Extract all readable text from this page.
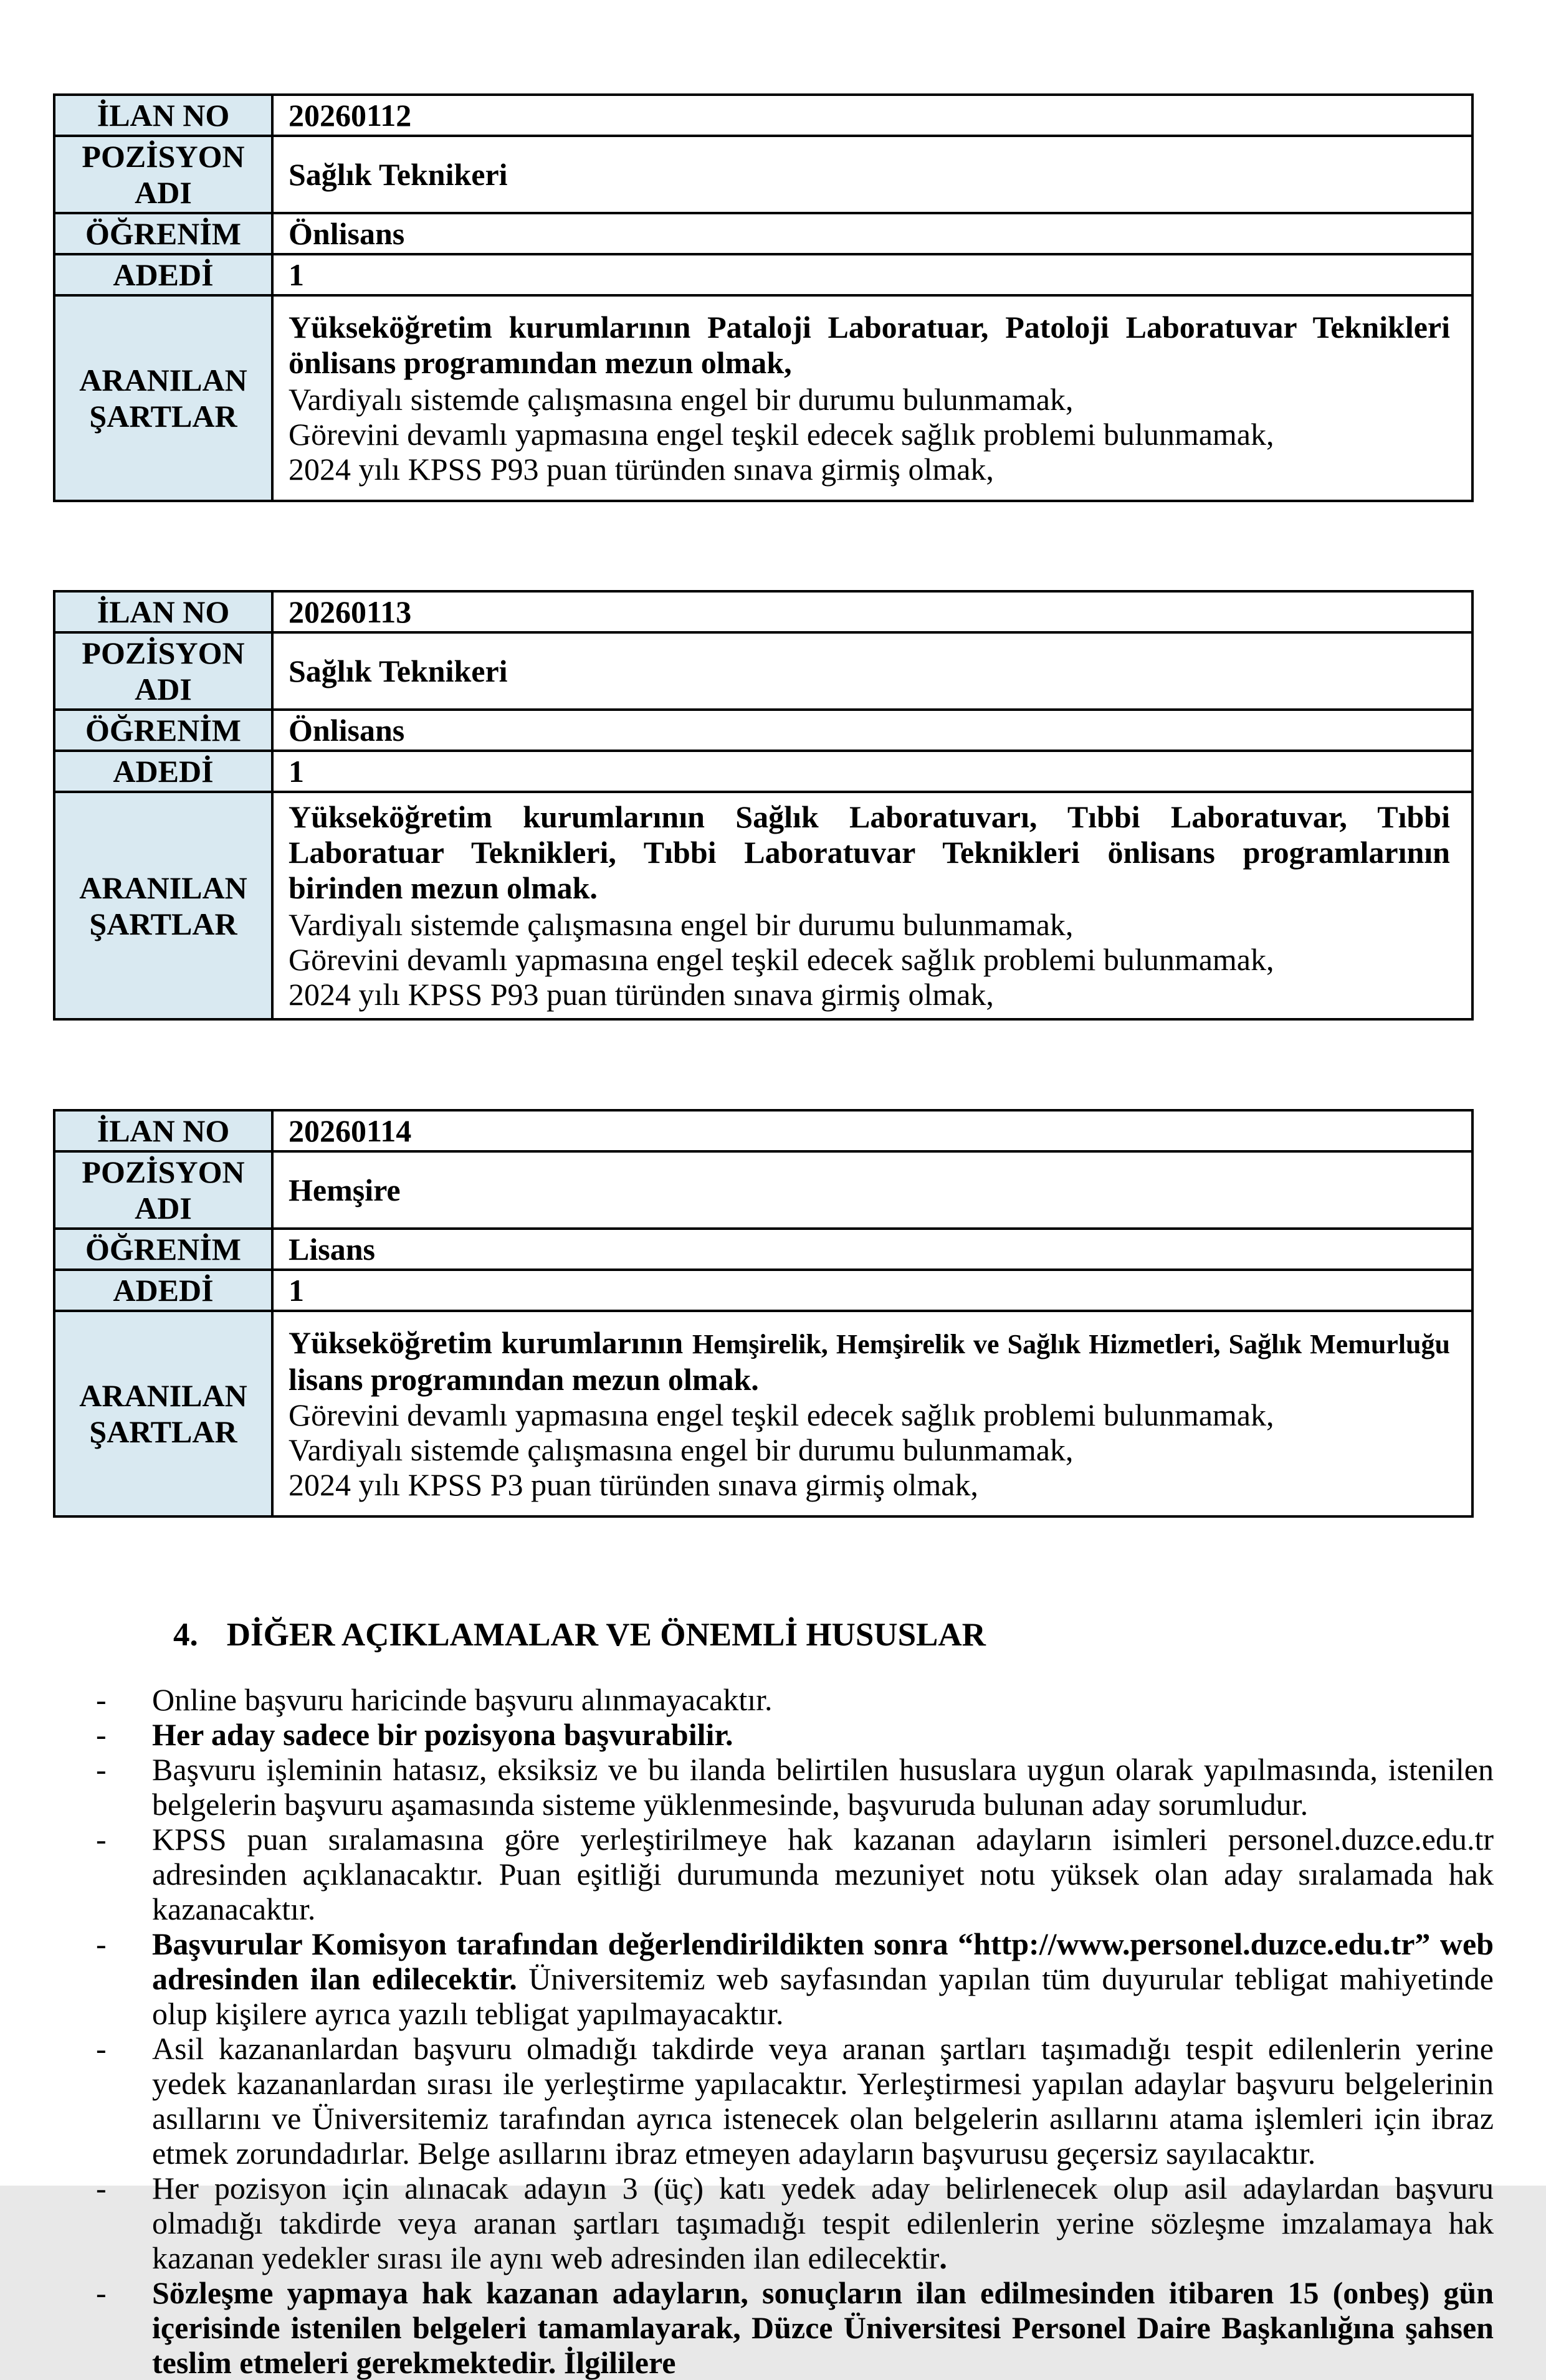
İLAN NO	20260112
POZİSYON ADI	Sağlık Teknikeri
ÖĞRENİM	Önlisans
ADEDİ	1
ARANILAN ŞARTLAR	Yükseköğretim kurumlarının Pataloji Laboratuar, Patoloji Laboratuvar Teknikleri önlisans programından mezun olmak,

Vardiyalı sistemde çalışmasına engel bir durumu bulunmamak,

Görevini devamlı yapmasına engel teşkil edecek sağlık problemi bulunmamak,

2024 yılı KPSS P93 puan türünden sınava girmiş olmak,

İLAN NO	20260113
POZİSYON ADI	Sağlık Teknikeri
ÖĞRENİM	Önlisans
ADEDİ	1
ARANILAN ŞARTLAR	Yükseköğretim kurumlarının Sağlık Laboratuvarı, Tıbbi Laboratuvar, Tıbbi Laboratuar Teknikleri, Tıbbi Laboratuvar Teknikleri önlisans programlarının birinden mezun olmak.

Vardiyalı sistemde çalışmasına engel bir durumu bulunmamak,

Görevini devamlı yapmasına engel teşkil edecek sağlık problemi bulunmamak,

2024 yılı KPSS P93 puan türünden sınava girmiş olmak,

İLAN NO	20260114
POZİSYON ADI	Hemşire
ÖĞRENİM	Lisans
ADEDİ	1
ARANILAN ŞARTLAR	Yükseköğretim kurumlarının Hemşirelik, Hemşirelik ve Sağlık Hizmetleri, Sağlık Memurluğu lisans programından mezun olmak.

Görevini devamlı yapmasına engel teşkil edecek sağlık problemi bulunmamak,

Vardiyalı sistemde çalışmasına engel bir durumu bulunmamak,

2024 yılı KPSS P3 puan türünden sınava girmiş olmak,

4. DİĞER AÇIKLAMALAR VE ÖNEMLİ HUSUSLAR
-	Online başvuru haricinde başvuru alınmayacaktır.

-	Her aday sadece bir pozisyona başvurabilir.

-	Başvuru işleminin hatasız, eksiksiz ve bu ilanda belirtilen hususlara uygun olarak yapılmasında, istenilen belgelerin başvuru aşamasında sisteme yüklenmesinde, başvuruda bulunan aday sorumludur.

-	KPSS puan sıralamasına göre yerleştirilmeye hak kazanan adayların isimleri personel.duzce.edu.tr adresinden açıklanacaktır. Puan eşitliği durumunda mezuniyet notu yüksek olan aday sıralamada hak kazanacaktır.

-	Başvurular Komisyon tarafından değerlendirildikten sonra “http://www.personel.duzce.edu.tr” web adresinden ilan edilecektir. Üniversitemiz web sayfasından yapılan tüm duyurular tebligat mahiyetinde olup kişilere ayrıca yazılı tebligat yapılmayacaktır.

-	Asil kazananlardan başvuru olmadığı takdirde veya aranan şartları taşımadığı tespit edilenlerin yerine yedek kazananlardan sırası ile yerleştirme yapılacaktır. Yerleştirmesi yapılan adaylar başvuru belgelerinin asıllarını ve Üniversitemiz tarafından ayrıca istenecek olan belgelerin asıllarını atama işlemleri için ibraz etmek zorundadırlar. Belge asıllarını ibraz etmeyen adayların başvurusu geçersiz sayılacaktır.

-	Her pozisyon için alınacak adayın 3 (üç) katı yedek aday belirlenecek olup asil adaylardan başvuru olmadığı takdirde veya aranan şartları taşımadığı tespit edilenlerin yerine sözleşme imzalamaya hak kazanan yedekler sırası ile aynı web adresinden ilan edilecektir.

-	Sözleşme yapmaya hak kazanan adayların, sonuçların ilan edilmesinden itibaren 15 (onbeş) gün içerisinde istenilen belgeleri tamamlayarak, Düzce Üniversitesi Personel Daire Başkanlığına şahsen teslim etmeleri gerekmektedir. İlgililere
